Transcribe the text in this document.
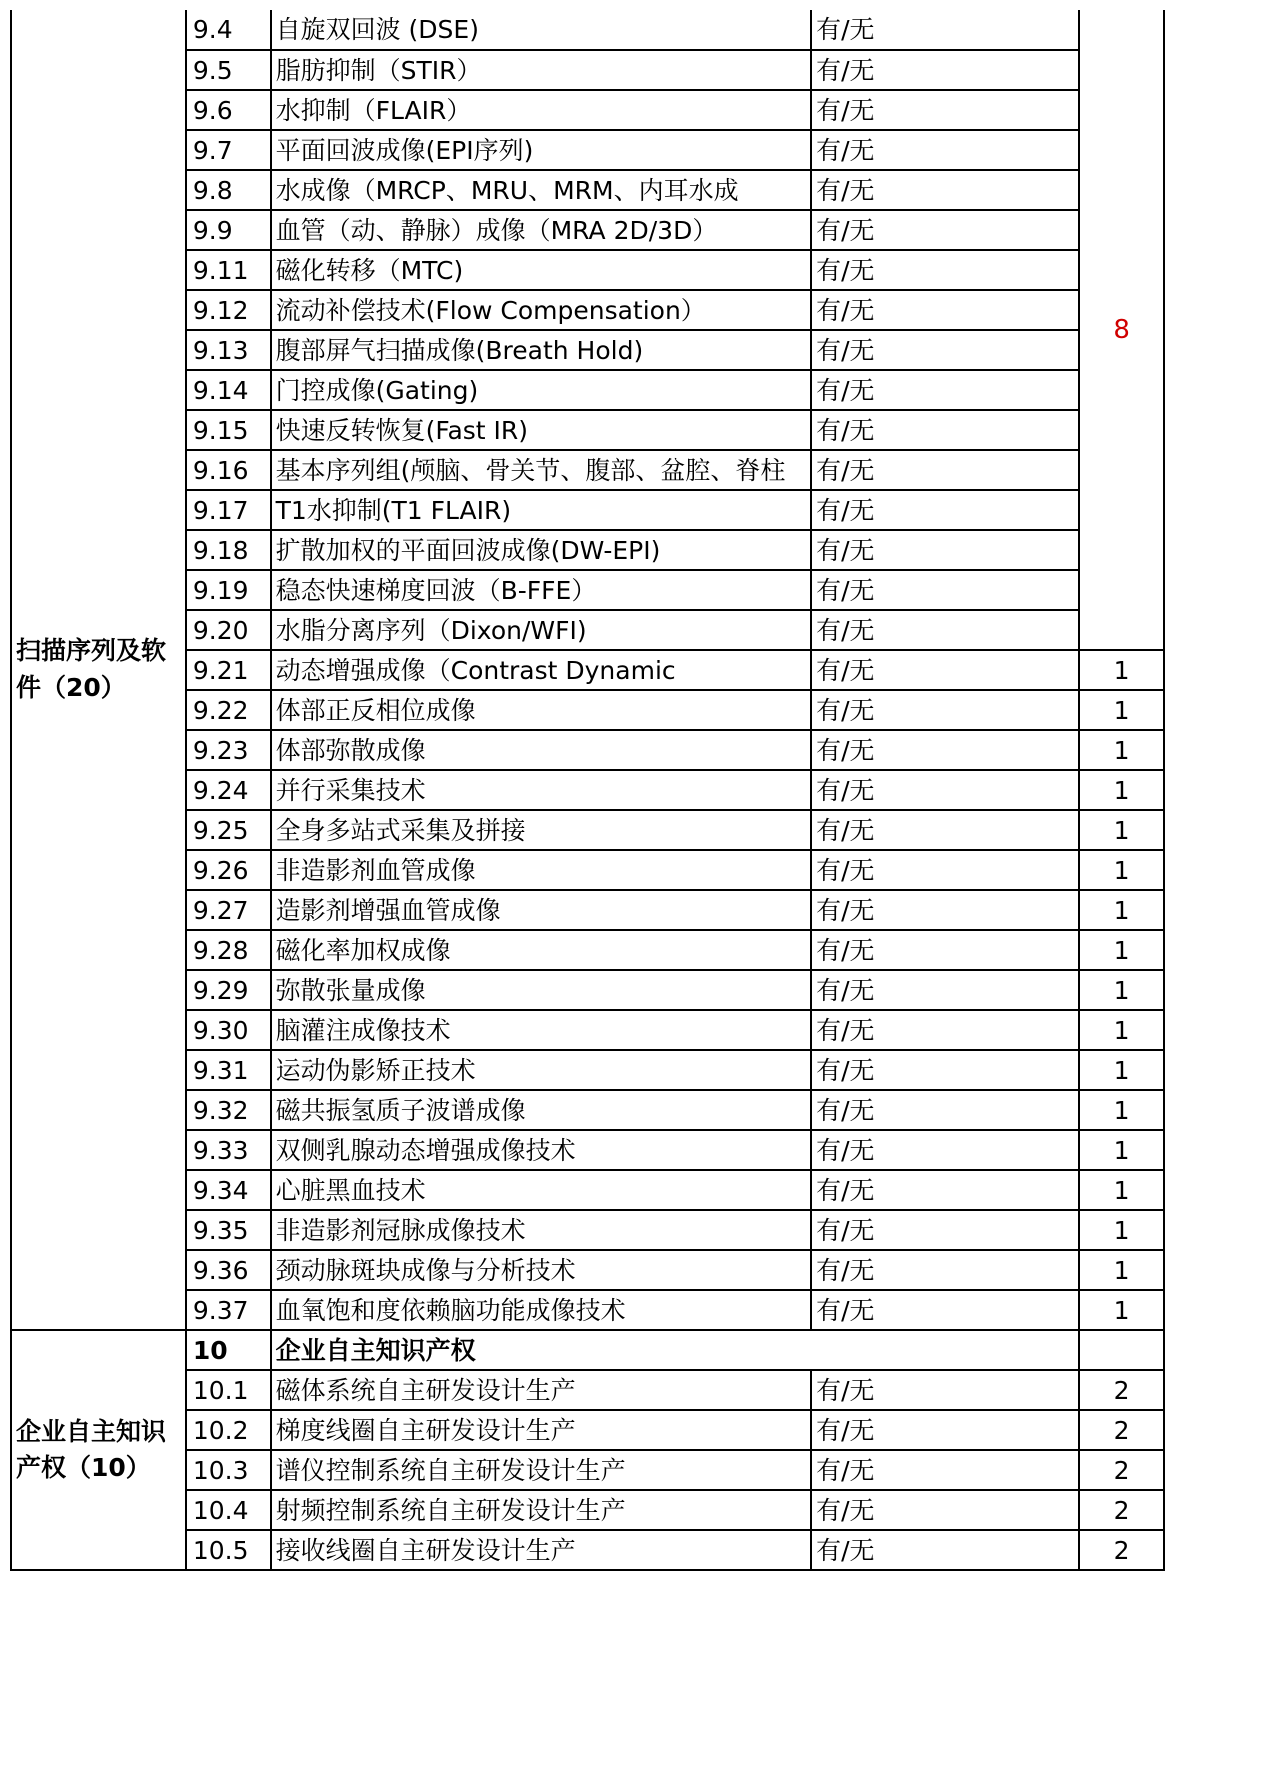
扫描序列及软件（20）	9.4	自旋双回波 (DSE)	有/无	8
	9.5	脂肪抑制（STIR）	有/无	
	9.6	水抑制（FLAIR）	有/无	
	9.7	平面回波成像(EPI序列)	有/无	
	9.8	水成像（MRCP、MRU、MRM、内耳水成	有/无	
	9.9	血管（动、静脉）成像（MRA 2D/3D）	有/无	
	9.11	磁化转移（MTC)	有/无	
	9.12	流动补偿技术(Flow Compensation）	有/无	
	9.13	腹部屏气扫描成像(Breath Hold)	有/无	
	9.14	门控成像(Gating)	有/无	
	9.15	快速反转恢复(Fast IR)	有/无	
	9.16	基本序列组(颅脑、骨关节、腹部、盆腔、脊柱	有/无	
	9.17	T1水抑制(T1 FLAIR)	有/无	
	9.18	扩散加权的平面回波成像(DW-EPI)	有/无	
	9.19	稳态快速梯度回波（B-FFE）	有/无	
	9.20	水脂分离序列（Dixon/WFI)	有/无	
	9.21	动态增强成像（Contrast Dynamic	有/无	1
	9.22	体部正反相位成像	有/无	1
	9.23	体部弥散成像	有/无	1
	9.24	并行采集技术	有/无	1
	9.25	全身多站式采集及拼接	有/无	1
	9.26	非造影剂血管成像	有/无	1
	9.27	造影剂增强血管成像	有/无	1
	9.28	磁化率加权成像	有/无	1
	9.29	弥散张量成像	有/无	1
	9.30	脑灌注成像技术	有/无	1
	9.31	运动伪影矫正技术	有/无	1
	9.32	磁共振氢质子波谱成像	有/无	1
	9.33	双侧乳腺动态增强成像技术	有/无	1
	9.34	心脏黑血技术	有/无	1
	9.35	非造影剂冠脉成像技术	有/无	1
	9.36	颈动脉斑块成像与分析技术	有/无	1
	9.37	血氧饱和度依赖脑功能成像技术	有/无	1
企业自主知识产权（10）	10	企业自主知识产权		
	10.1	磁体系统自主研发设计生产	有/无	2
	10.2	梯度线圈自主研发设计生产	有/无	2
	10.3	谱仪控制系统自主研发设计生产	有/无	2
	10.4	射频控制系统自主研发设计生产	有/无	2
	10.5	接收线圈自主研发设计生产	有/无	2
